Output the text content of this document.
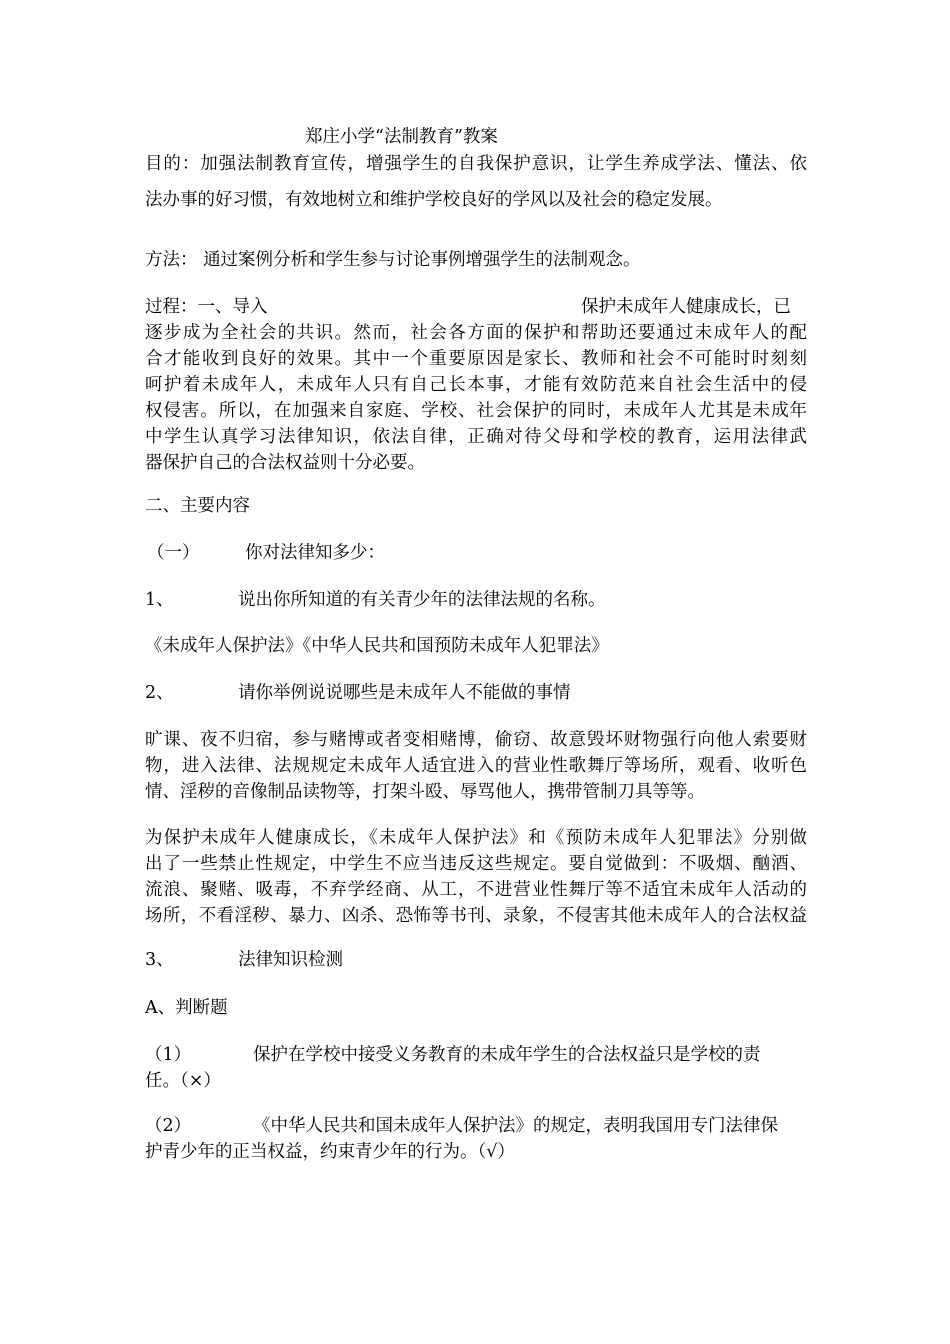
郑庄小学“法制教育”教案

目的：加强法制教育宣传，增强学生的自我保护意识，让学生养成学法、懂法、依

法办事的好习惯，有效地树立和维护学校良好的学风以及社会的稳定发展。

方法： 通过案例分析和学生参与讨论事例增强学生的法制观念。

过程：一、导入	保护未成年人健康成长，已

逐步成为全社会的共识。然而，社会各方面的保护和帮助还要通过未成年人的配

合才能收到良好的效果。其中一个重要原因是家长、教师和社会不可能时时刻刻

呵护着未成年人，未成年人只有自己长本事，才能有效防范来自社会生活中的侵

权侵害。所以，在加强来自家庭、学校、社会保护的同时，未成年人尤其是未成年

中学生认真学习法律知识，依法自律，正确对待父母和学校的教育，运用法律武

器保护自己的合法权益则十分必要。

二、主要内容

（一）	你对法律知多少：

1、	说出你所知道的有关青少年的法律法规的名称。

《未成年人保护法》《中华人民共和国预防未成年人犯罪法》

2、	请你举例说说哪些是未成年人不能做的事情

旷课、夜不归宿，参与赌博或者变相赌博，偷窃、故意毁坏财物强行向他人索要财

物，进入法律、法规规定未成年人适宜进入的营业性歌舞厅等场所，观看、收听色

情、淫秽的音像制品读物等，打架斗殴、辱骂他人，携带管制刀具等等。

为保护未成年人健康成长，《未成年人保护法》和《预防未成年人犯罪法》分别做

出了一些禁止性规定，中学生不应当违反这些规定。要自觉做到：不吸烟、酗酒、

流浪、聚赌、吸毒，不弃学经商、从工，不进营业性舞厅等不适宜未成年人活动的

场所，不看淫秽、暴力、凶杀、恐怖等书刊、录象，不侵害其他未成年人的合法权益

3、	法律知识检测

A、判断题

（1）	保护在学校中接受义务教育的未成年学生的合法权益只是学校的责

任。（×）

（2）	《中华人民共和国未成年人保护法》的规定，表明我国用专门法律保

护青少年的正当权益，约束青少年的行为。（√）
